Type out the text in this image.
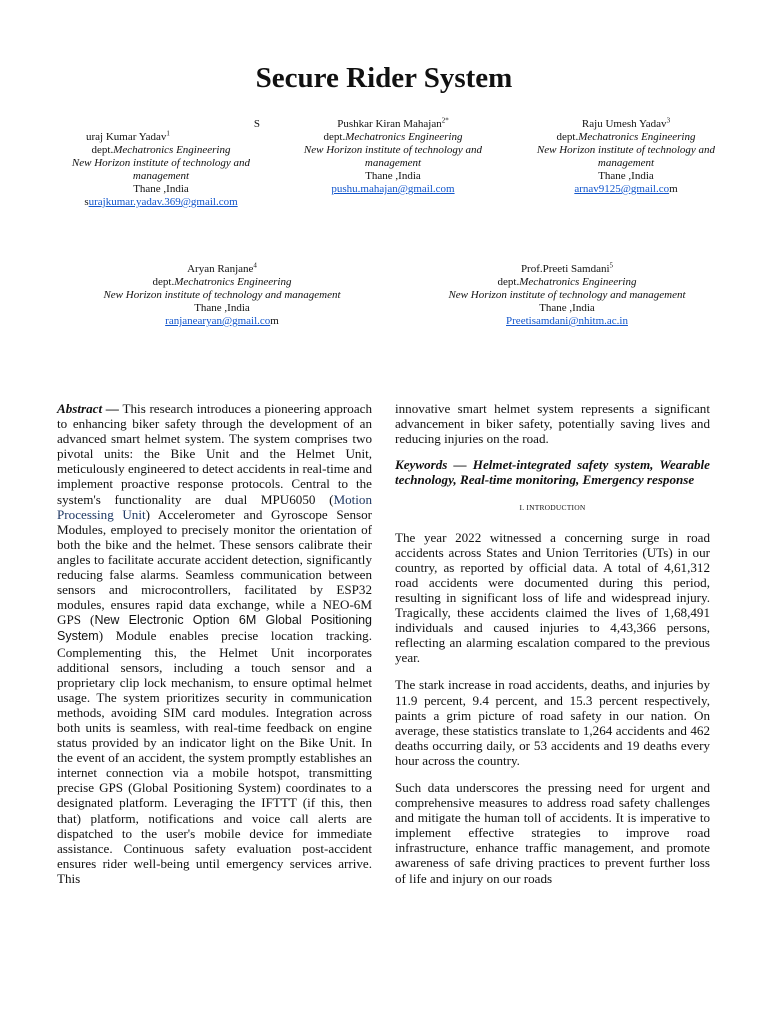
Secure Rider System
S
uraj Kumar Yadav$^1$
dept.Mechatronics Engineering
New Horizon institute of technology and management
Thane ,India
surajkumar.yadav.369@gmail.com
Pushkar Kiran Mahajan$^{2*}$
dept.Mechatronics Engineering
New Horizon institute of technology and management
Thane ,India
pushu.mahajan@gmail.com
Raju Umesh Yadav$^3$
dept.Mechatronics Engineering
New Horizon institute of technology and management
Thane ,India
arnav9125@gmail.com
Aryan Ranjane$^4$
dept.Mechatronics Engineering
New Horizon institute of technology and management
Thane ,India
ranjanearyan@gmail.com
Prof.Preeti Samdani$^5$
dept.Mechatronics Engineering
New Horizon institute of technology and management
Thane ,India
Preetisamdani@nhitm.ac.in

Abstract — This research introduces a pioneering approach to enhancing biker safety through the development of an advanced smart helmet system. The system comprises two pivotal units: the Bike Unit and the Helmet Unit, meticulously engineered to detect accidents in real-time and implement proactive response protocols. Central to the system's functionality are dual MPU6050 (Motion Processing Unit) Accelerometer and Gyroscope Sensor Modules, employed to precisely monitor the orientation of both the bike and the helmet. These sensors calibrate their angles to facilitate accurate accident detection, significantly reducing false alarms. Seamless communication between sensors and microcontrollers, facilitated by ESP32 modules, ensures rapid data exchange, while a NEO-6M GPS (New Electronic Option 6M Global Positioning System) Module enables precise location tracking. Complementing this, the Helmet Unit incorporates additional sensors, including a touch sensor and a proprietary clip lock mechanism, to ensure optimal helmet usage. The system prioritizes security in communication methods, avoiding SIM card modules. Integration across both units is seamless, with real-time feedback on engine status provided by an indicator light on the Bike Unit. In the event of an accident, the system promptly establishes an internet connection via a mobile hotspot, transmitting precise GPS (Global Positioning System) coordinates to a designated platform. Leveraging the IFTTT (if this, then that) platform, notifications and voice call alerts are dispatched to the user's mobile device for immediate assistance. Continuous safety evaluation post-accident ensures rider well-being until emergency services arrive. This

innovative smart helmet system represents a significant advancement in biker safety, potentially saving lives and reducing injuries on the road.

Keywords — Helmet-integrated safety system, Wearable technology, Real-time monitoring, Emergency response

I. INTRODUCTION

The year 2022 witnessed a concerning surge in road accidents across States and Union Territories (UTs) in our country, as reported by official data. A total of 4,61,312 road accidents were documented during this period, resulting in significant loss of life and widespread injury. Tragically, these accidents claimed the lives of 1,68,491 individuals and caused injuries to 4,43,366 persons, reflecting an alarming escalation compared to the previous year.

The stark increase in road accidents, deaths, and injuries by 11.9 percent, 9.4 percent, and 15.3 percent respectively, paints a grim picture of road safety in our nation. On average, these statistics translate to 1,264 accidents and 462 deaths occurring daily, or 53 accidents and 19 deaths every hour across the country.

Such data underscores the pressing need for urgent and comprehensive measures to address road safety challenges and mitigate the human toll of accidents. It is imperative to implement effective strategies to improve road infrastructure, enhance traffic management, and promote awareness of safe driving practices to prevent further loss of life and injury on our roads
